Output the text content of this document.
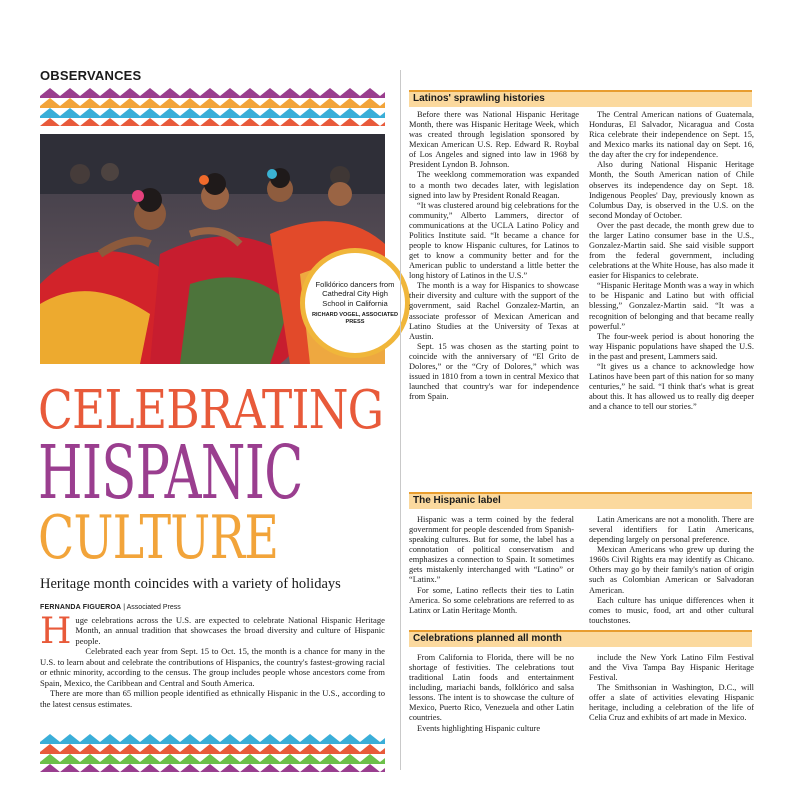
OBSERVANCES
Folklórico dancers from Cathedral City High School in California
RICHARD VOGEL, ASSOCIATED PRESS
CELEBRATING
HISPANIC
CULTURE
Heritage month coincides with a variety of holidays
FERNANDA FIGUEROA | Associated Press

Huge celebrations across the U.S. are expected to celebrate National Hispanic Heritage Month, an annual tradition that showcases the broad diversity and culture of Hispanic people.

Celebrated each year from Sept. 15 to Oct. 15, the month is a chance for many in the U.S. to learn about and celebrate the contributions of Hispanics, the country's fastest-growing racial or ethnic minority, according to the census. The group includes people whose ancestors come from Spain, Mexico, the Caribbean and Central and South America.

There are more than 65 million people identified as ethnically Hispanic in the U.S., according to the latest census estimates.

Latinos' sprawling histories

Before there was National Hispanic Heritage Month, there was Hispanic Heritage Week, which was created through legislation sponsored by Mexican American U.S. Rep. Edward R. Roybal of Los Angeles and signed into law in 1968 by President Lyndon B. Johnson.

The weeklong commemoration was expanded to a month two decades later, with legislation signed into law by President Ronald Reagan.

“It was clustered around big celebrations for the community,” Alberto Lammers, director of communications at the UCLA Latino Policy and Politics Institute said. “It became a chance for people to know Hispanic cultures, for Latinos to get to know a community better and for the American public to understand a little better the long history of Latinos in the U.S.”

The month is a way for Hispanics to showcase their diversity and culture with the support of the government, said Rachel Gonzalez-Martin, an associate professor of Mexican American and Latino Studies at the University of Texas at Austin.

Sept. 15 was chosen as the starting point to coincide with the anniversary of “El Grito de Dolores,” or the “Cry of Dolores,” which was issued in 1810 from a town in central Mexico that launched that country's war for independence from Spain.

The Central American nations of Guatemala, Honduras, El Salvador, Nicaragua and Costa Rica celebrate their independence on Sept. 15, and Mexico marks its national day on Sept. 16, the day after the cry for independence.

Also during National Hispanic Heritage Month, the South American nation of Chile observes its independence day on Sept. 18. Indigenous Peoples' Day, previously known as Columbus Day, is observed in the U.S. on the second Monday of October.

Over the past decade, the month grew due to the larger Latino consumer base in the U.S., Gonzalez-Martin said. She said visible support from the federal government, including celebrations at the White House, has also made it easier for Hispanics to celebrate.

“Hispanic Heritage Month was a way in which to be Hispanic and Latino but with official blessing,” Gonzalez-Martin said. “It was a recognition of belonging and that became really powerful.”

The four-week period is about honoring the way Hispanic populations have shaped the U.S. in the past and present, Lammers said.

“It gives us a chance to acknowledge how Latinos have been part of this nation for so many centuries,” he said. “I think that's what is great about this. It has allowed us to really dig deeper and a chance to tell our stories.”

The Hispanic label

Hispanic was a term coined by the federal government for people descended from Spanish-speaking cultures. But for some, the label has a connotation of political conservatism and emphasizes a connection to Spain. It sometimes gets mistakenly interchanged with “Latino” or “Latinx.”

For some, Latino reflects their ties to Latin America. So some celebrations are referred to as Latinx or Latin Heritage Month.

Latin Americans are not a monolith. There are several identifiers for Latin Americans, depending largely on personal preference.

Mexican Americans who grew up during the 1960s Civil Rights era may identify as Chicano. Others may go by their family's nation of origin such as Colombian American or Salvadoran American.

Each culture has unique differences when it comes to music, food, art and other cultural touchstones.

Celebrations planned all month

From California to Florida, there will be no shortage of festivities. The celebrations tout traditional Latin foods and entertainment including, mariachi bands, folklórico and salsa lessons. The intent is to showcase the culture of Mexico, Puerto Rico, Venezuela and other Latin countries.

Events highlighting Hispanic culture

include the New York Latino Film Festival and the Viva Tampa Bay Hispanic Heritage Festival.

The Smithsonian in Washington, D.C., will offer a slate of activities elevating Hispanic heritage, including a celebration of the life of Celia Cruz and exhibits of art made in Mexico.
